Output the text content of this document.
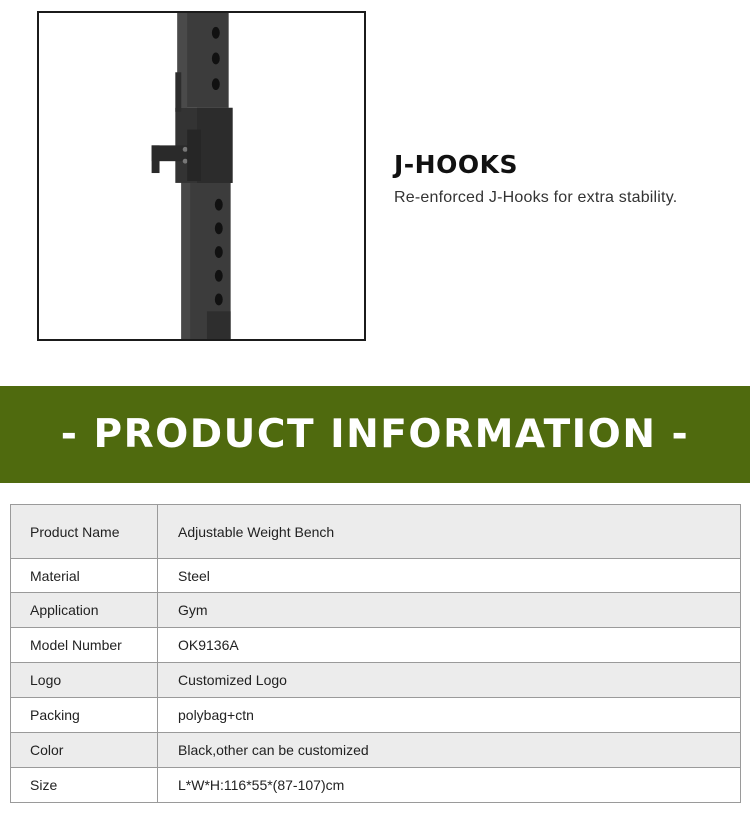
J-HOOKS
Re-enforced J-Hooks for extra stability.
- PRODUCT INFORMATION -
Product Name	Adjustable Weight Bench
Material	Steel
Application	Gym
Model Number	OK9136A
Logo	Customized Logo
Packing	polybag+ctn
Color	Black,other can be customized
Size	L*W*H:116*55*(87-107)cm
